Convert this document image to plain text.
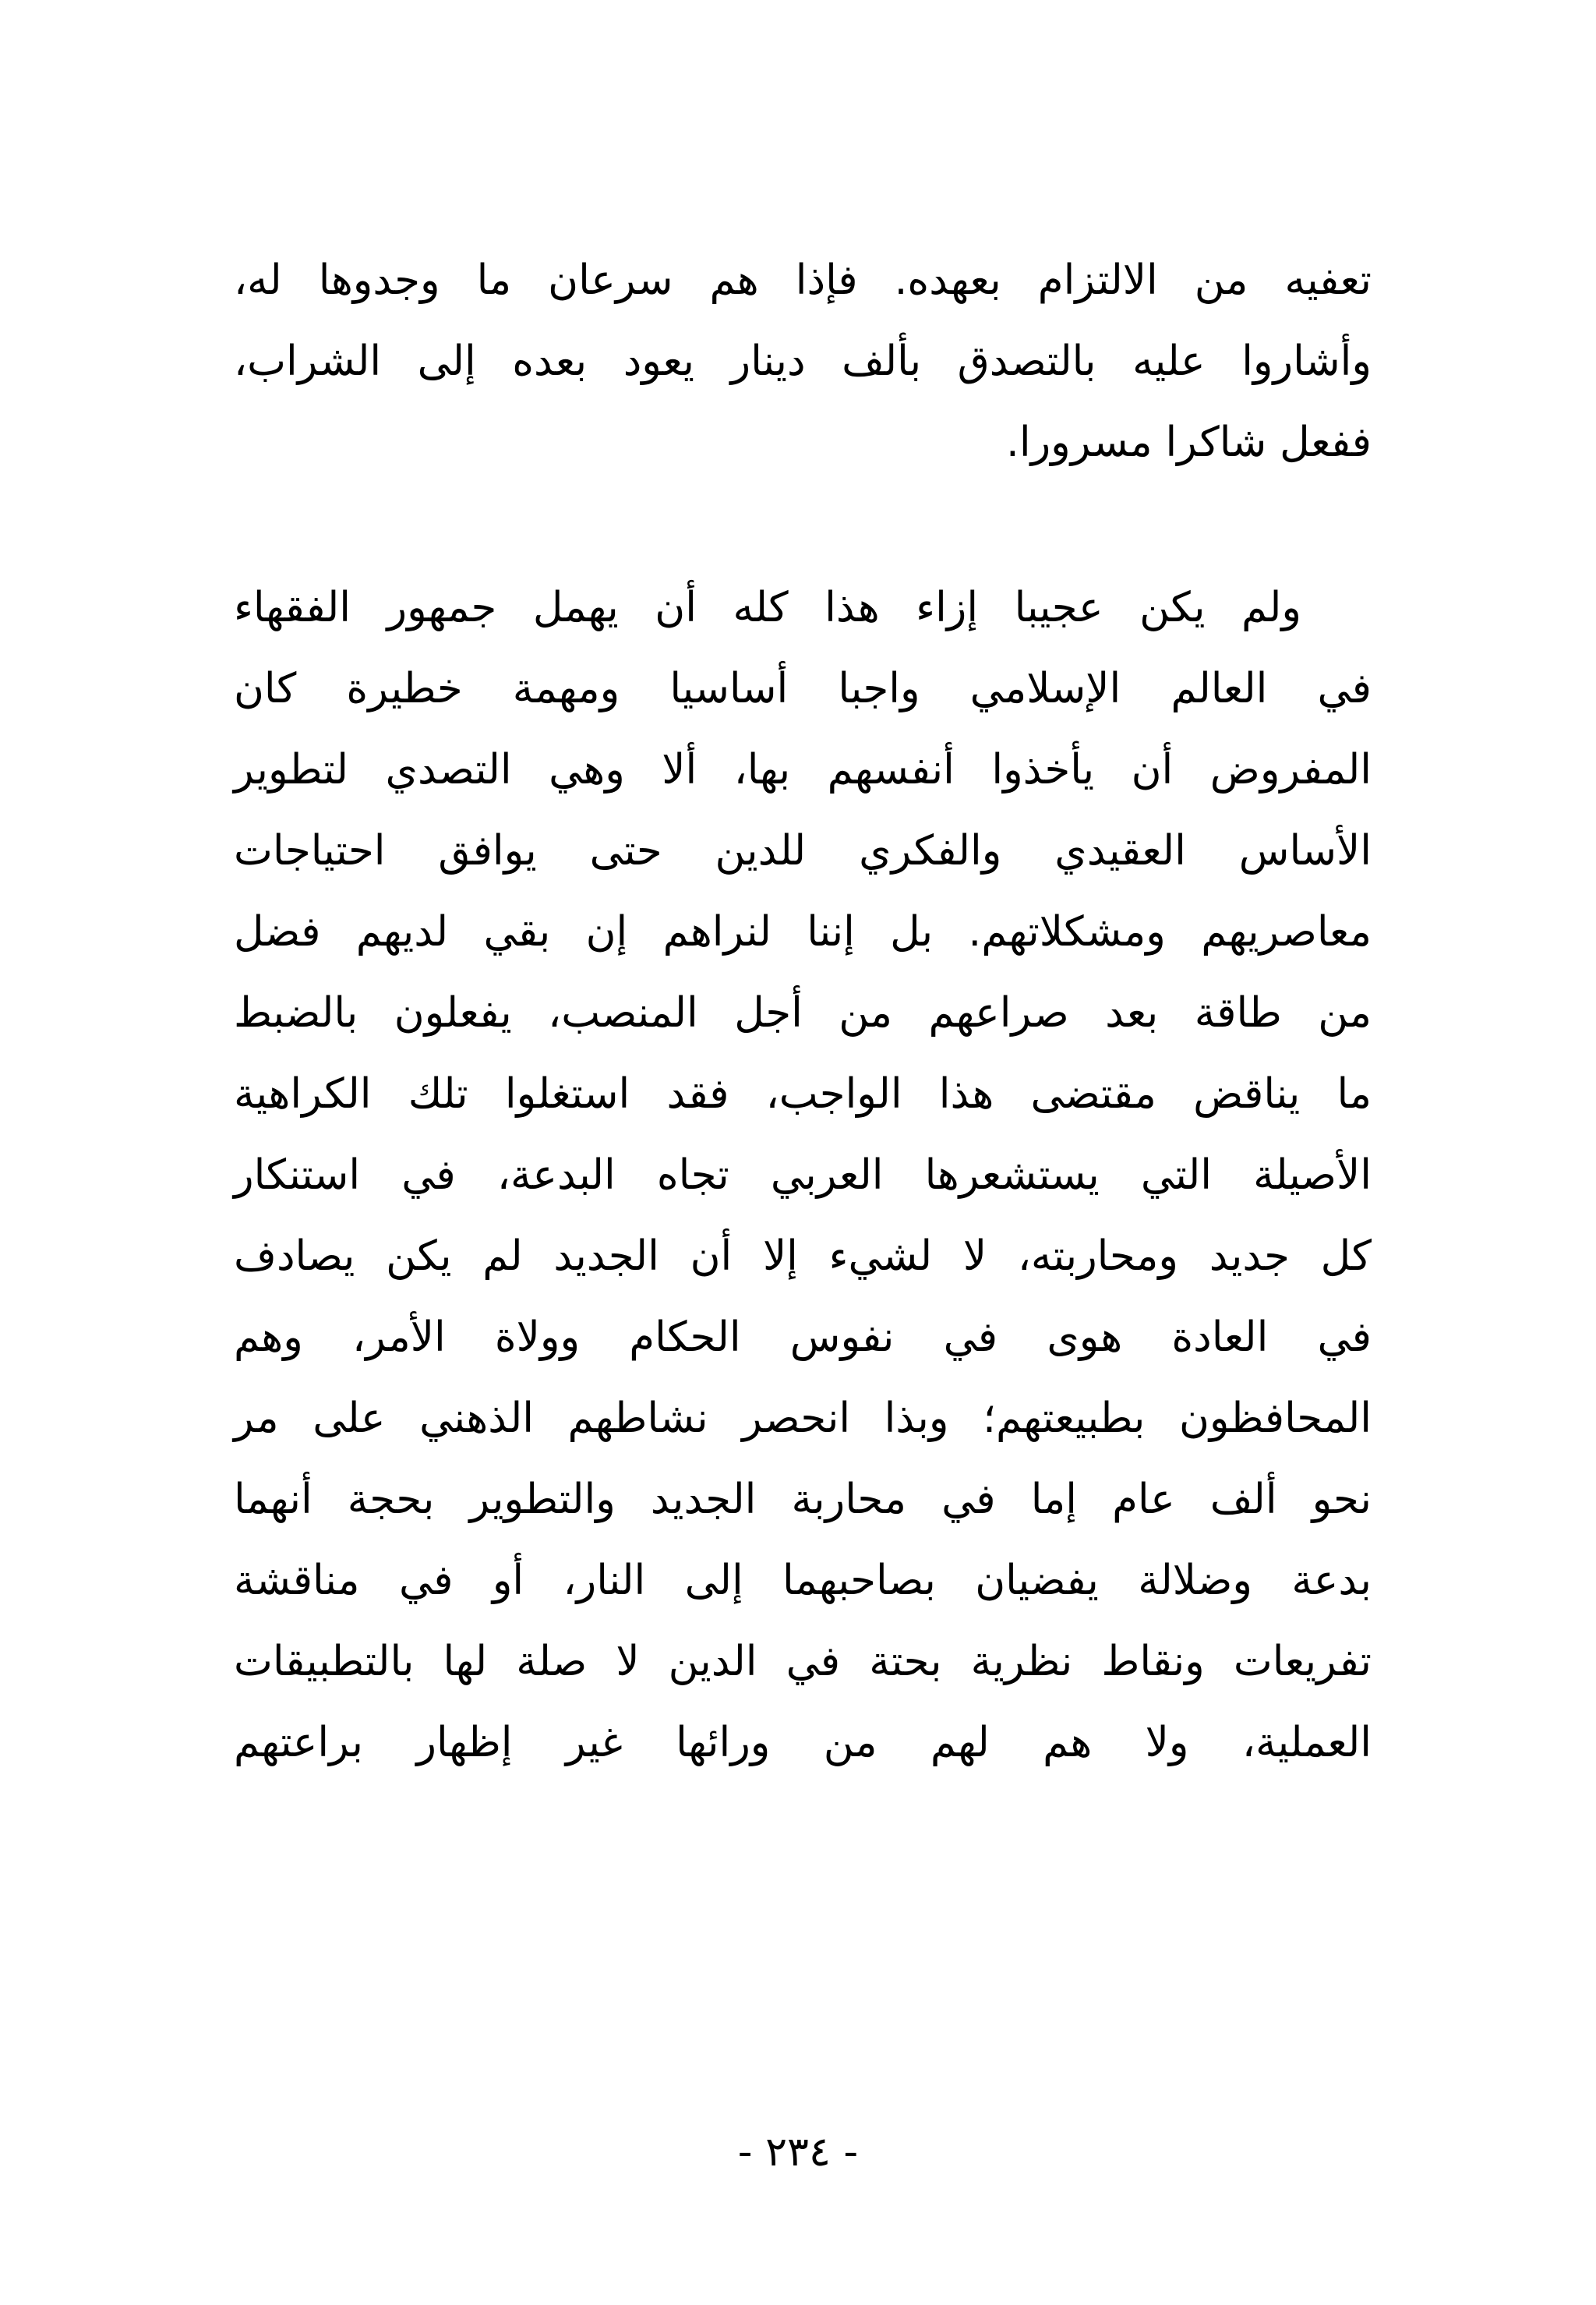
تعفيه من الالتزام بعهده. فإذا هم سرعان ما وجدوها له،
وأشاروا عليه بالتصدق بألف دينار يعود بعده إلى الشراب،
ففعل شاكرا مسرورا.
ولم يكن عجيبا إزاء هذا كله أن يهمل جمهور الفقهاء
في العالم الإسلامي واجبا أساسيا ومهمة خطيرة كان
المفروض أن يأخذوا أنفسهم بها، ألا وهي التصدي لتطوير
الأساس العقيدي والفكري للدين حتى يوافق احتياجات
معاصريهم ومشكلاتهم. بل إننا لنراهم إن بقي لديهم فضل
من طاقة بعد صراعهم من أجل المنصب، يفعلون بالضبط
ما يناقض مقتضى هذا الواجب، فقد استغلوا تلك الكراهية
الأصيلة التي يستشعرها العربي تجاه البدعة، في استنكار
كل جديد ومحاربته، لا لشيء إلا أن الجديد لم يكن يصادف
في العادة هوى في نفوس الحكام وولاة الأمر، وهم
المحافظون بطبيعتهم؛ وبذا انحصر نشاطهم الذهني على مر
نحو ألف عام إما في محاربة الجديد والتطوير بحجة أنهما
بدعة وضلالة يفضيان بصاحبهما إلى النار، أو في مناقشة
تفريعات ونقاط نظرية بحتة في الدين لا صلة لها بالتطبيقات
العملية، ولا هم لهم من ورائها غير إظهار براعتهم
- ٢٣٤ -
